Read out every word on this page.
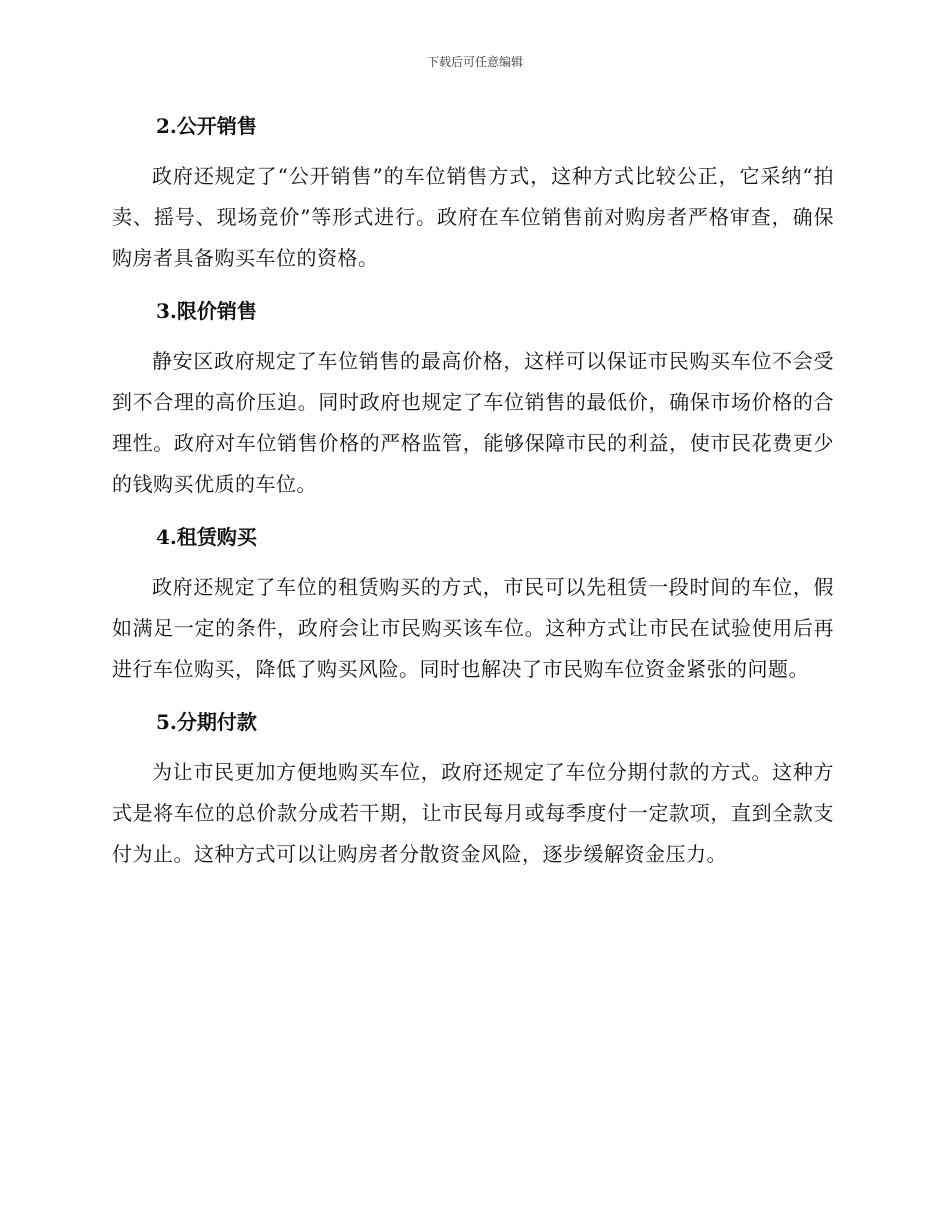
下载后可任意编辑
2.公开销售

政府还规定了“公开销售”的车位销售方式，这种方式比较公正，它采纳“拍卖、摇号、现场竞价”等形式进行。政府在车位销售前对购房者严格审查，确保购房者具备购买车位的资格。

3.限价销售

静安区政府规定了车位销售的最高价格，这样可以保证市民购买车位不会受到不合理的高价压迫。同时政府也规定了车位销售的最低价，确保市场价格的合理性。政府对车位销售价格的严格监管，能够保障市民的利益，使市民花费更少的钱购买优质的车位。

4.租赁购买

政府还规定了车位的租赁购买的方式，市民可以先租赁一段时间的车位，假如满足一定的条件，政府会让市民购买该车位。这种方式让市民在试验使用后再进行车位购买，降低了购买风险。同时也解决了市民购车位资金紧张的问题。

5.分期付款

为让市民更加方便地购买车位，政府还规定了车位分期付款的方式。这种方式是将车位的总价款分成若干期，让市民每月或每季度付一定款项，直到全款支付为止。这种方式可以让购房者分散资金风险，逐步缓解资金压力。
